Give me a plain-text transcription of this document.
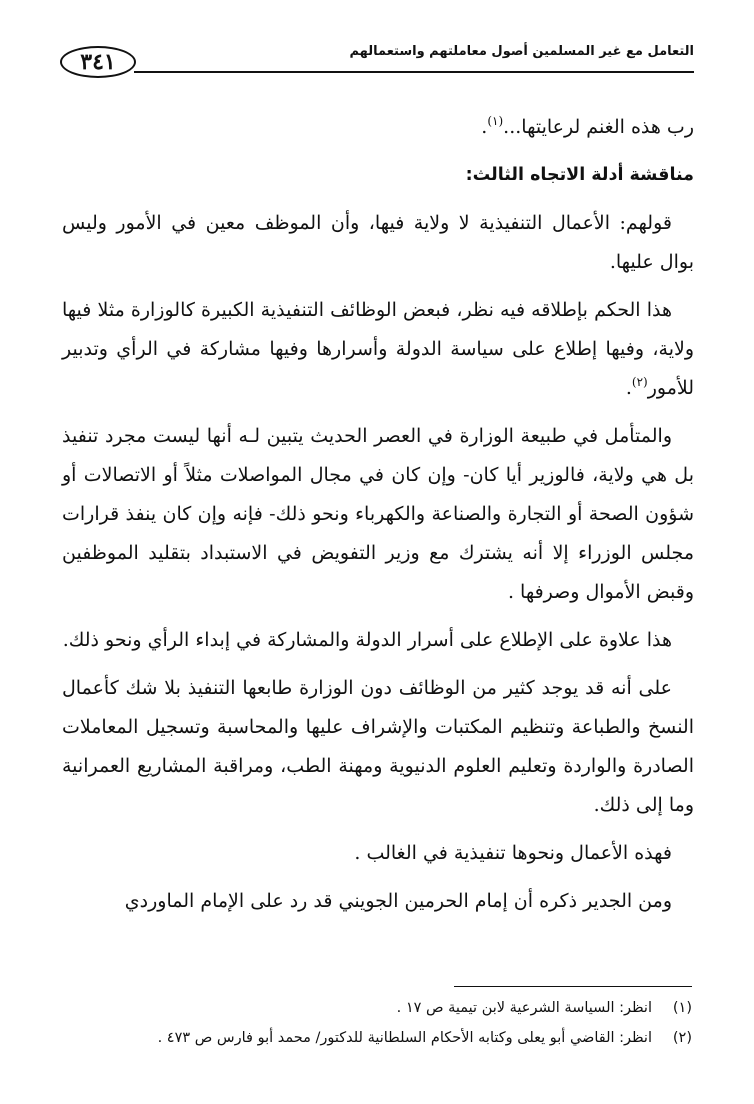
٣٤١	التعامل مع غير المسلمين أصول معاملتهم واستعمالهم

رب هذه الغنم لرعايتها...$^{(١)}$.

مناقشة أدلة الاتجاه الثالث:

قولهم: الأعمال التنفيذية لا ولاية فيها، وأن الموظف معين في الأمور وليس بوال عليها.

هذا الحكم بإطلاقه فيه نظر، فبعض الوظائف التنفيذية الكبيرة كالوزارة مثلا فيها ولاية، وفيها إطلاع على سياسة الدولة وأسرارها وفيها مشاركة في الرأي وتدبير للأمور$^{(٢)}$.

والمتأمل في طبيعة الوزارة في العصر الحديث يتبين لـه أنها ليست مجرد تنفيذ بل هي ولاية، فالوزير أيا كان- وإن كان في مجال المواصلات مثلاً أو الاتصالات أو شؤون الصحة أو التجارة والصناعة والكهرباء ونحو ذلك- فإنه وإن كان ينفذ قرارات مجلس الوزراء إلا أنه يشترك مع وزير التفويض في الاستبداد بتقليد الموظفين وقبض الأموال وصرفها .

هذا علاوة على الإطلاع على أسرار الدولة والمشاركة في إبداء الرأي ونحو ذلك.

على أنه قد يوجد كثير من الوظائف دون الوزارة طابعها التنفيذ بلا شك كأعمال النسخ والطباعة وتنظيم المكتبات والإشراف عليها والمحاسبة وتسجيل المعاملات الصادرة والواردة وتعليم العلوم الدنيوية ومهنة الطب، ومراقبة المشاريع العمرانية وما إلى ذلك.

فهذه الأعمال ونحوها تنفيذية في الغالب .

ومن الجدير ذكره أن إمام الحرمين الجويني قد رد على الإمام الماوردي

(١)انظر: السياسة الشرعية لابن تيمية ص ١٧ .
(٢)انظر: القاضي أبو يعلى وكتابه الأحكام السلطانية للدكتور/ محمد أبو فارس ص ٤٧٣ .
